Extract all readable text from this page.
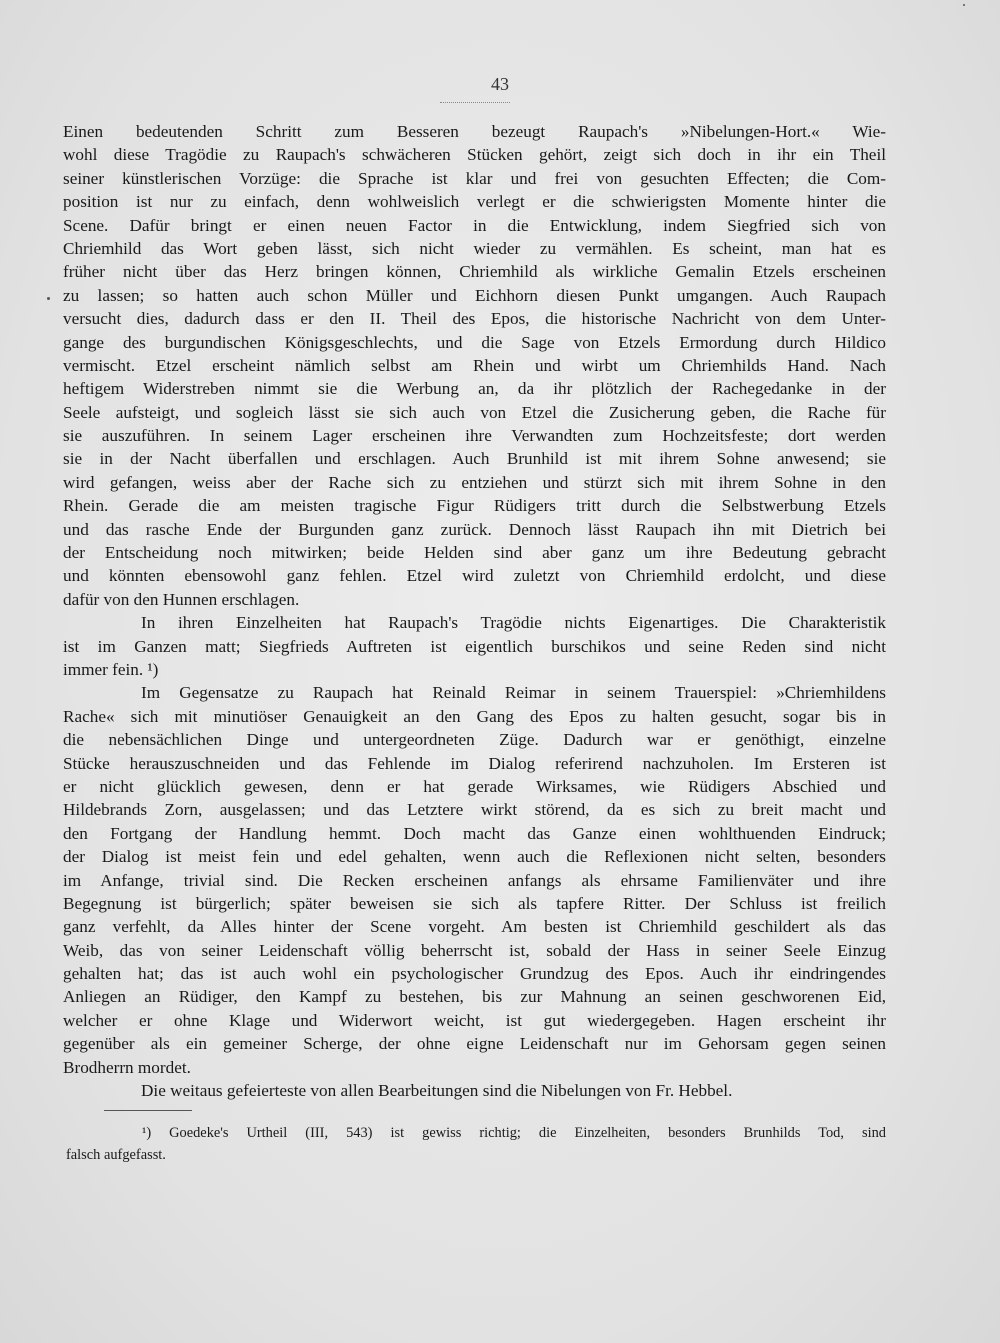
43
Einen bedeutenden Schritt zum Besseren bezeugt Raupach's »Nibelungen-Hort.« Wie-
wohl diese Tragödie zu Raupach's schwächeren Stücken gehört, zeigt sich doch in ihr ein Theil
seiner künstlerischen Vorzüge: die Sprache ist klar und frei von gesuchten Effecten; die Com-
position ist nur zu einfach, denn wohlweislich verlegt er die schwierigsten Momente hinter die
Scene. Dafür bringt er einen neuen Factor in die Entwicklung, indem Siegfried sich von
Chriemhild das Wort geben lässt, sich nicht wieder zu vermählen. Es scheint, man hat es
früher nicht über das Herz bringen können, Chriemhild als wirkliche Gemalin Etzels erscheinen
zu lassen; so hatten auch schon Müller und Eichhorn diesen Punkt umgangen. Auch Raupach
versucht dies, dadurch dass er den II. Theil des Epos, die historische Nachricht von dem Unter-
gange des burgundischen Königsgeschlechts, und die Sage von Etzels Ermordung durch Hildico
vermischt. Etzel erscheint nämlich selbst am Rhein und wirbt um Chriemhilds Hand. Nach
heftigem Widerstreben nimmt sie die Werbung an, da ihr plötzlich der Rachegedanke in der
Seele aufsteigt, und sogleich lässt sie sich auch von Etzel die Zusicherung geben, die Rache für
sie auszuführen. In seinem Lager erscheinen ihre Verwandten zum Hochzeitsfeste; dort werden
sie in der Nacht überfallen und erschlagen. Auch Brunhild ist mit ihrem Sohne anwesend; sie
wird gefangen, weiss aber der Rache sich zu entziehen und stürzt sich mit ihrem Sohne in den
Rhein. Gerade die am meisten tragische Figur Rüdigers tritt durch die Selbstwerbung Etzels
und das rasche Ende der Burgunden ganz zurück. Dennoch lässt Raupach ihn mit Dietrich bei
der Entscheidung noch mitwirken; beide Helden sind aber ganz um ihre Bedeutung gebracht
und könnten ebensowohl ganz fehlen. Etzel wird zuletzt von Chriemhild erdolcht, und diese
dafür von den Hunnen erschlagen.
In ihren Einzelheiten hat Raupach's Tragödie nichts Eigenartiges. Die Charakteristik
ist im Ganzen matt; Siegfrieds Auftreten ist eigentlich burschikos und seine Reden sind nicht
immer fein. ¹)
Im Gegensatze zu Raupach hat Reinald Reimar in seinem Trauerspiel: »Chriemhildens
Rache« sich mit minutiöser Genauigkeit an den Gang des Epos zu halten gesucht, sogar bis in
die nebensächlichen Dinge und untergeordneten Züge. Dadurch war er genöthigt, einzelne
Stücke herauszuschneiden und das Fehlende im Dialog referirend nachzuholen. Im Ersteren ist
er nicht glücklich gewesen, denn er hat gerade Wirksames, wie Rüdigers Abschied und
Hildebrands Zorn, ausgelassen; und das Letztere wirkt störend, da es sich zu breit macht und
den Fortgang der Handlung hemmt. Doch macht das Ganze einen wohlthuenden Eindruck;
der Dialog ist meist fein und edel gehalten, wenn auch die Reflexionen nicht selten, besonders
im Anfange, trivial sind. Die Recken erscheinen anfangs als ehrsame Familienväter und ihre
Begegnung ist bürgerlich; später beweisen sie sich als tapfere Ritter. Der Schluss ist freilich
ganz verfehlt, da Alles hinter der Scene vorgeht. Am besten ist Chriemhild geschildert als das
Weib, das von seiner Leidenschaft völlig beherrscht ist, sobald der Hass in seiner Seele Einzug
gehalten hat; das ist auch wohl ein psychologischer Grundzug des Epos. Auch ihr eindringendes
Anliegen an Rüdiger, den Kampf zu bestehen, bis zur Mahnung an seinen geschworenen Eid,
welcher er ohne Klage und Widerwort weicht, ist gut wiedergegeben. Hagen erscheint ihr
gegenüber als ein gemeiner Scherge, der ohne eigne Leidenschaft nur im Gehorsam gegen seinen
Brodherrn mordet.
Die weitaus gefeierteste von allen Bearbeitungen sind die Nibelungen von Fr. Hebbel.
¹) Goedeke's Urtheil (III, 543) ist gewiss richtig; die Einzelheiten, besonders Brunhilds Tod, sind
falsch aufgefasst.
